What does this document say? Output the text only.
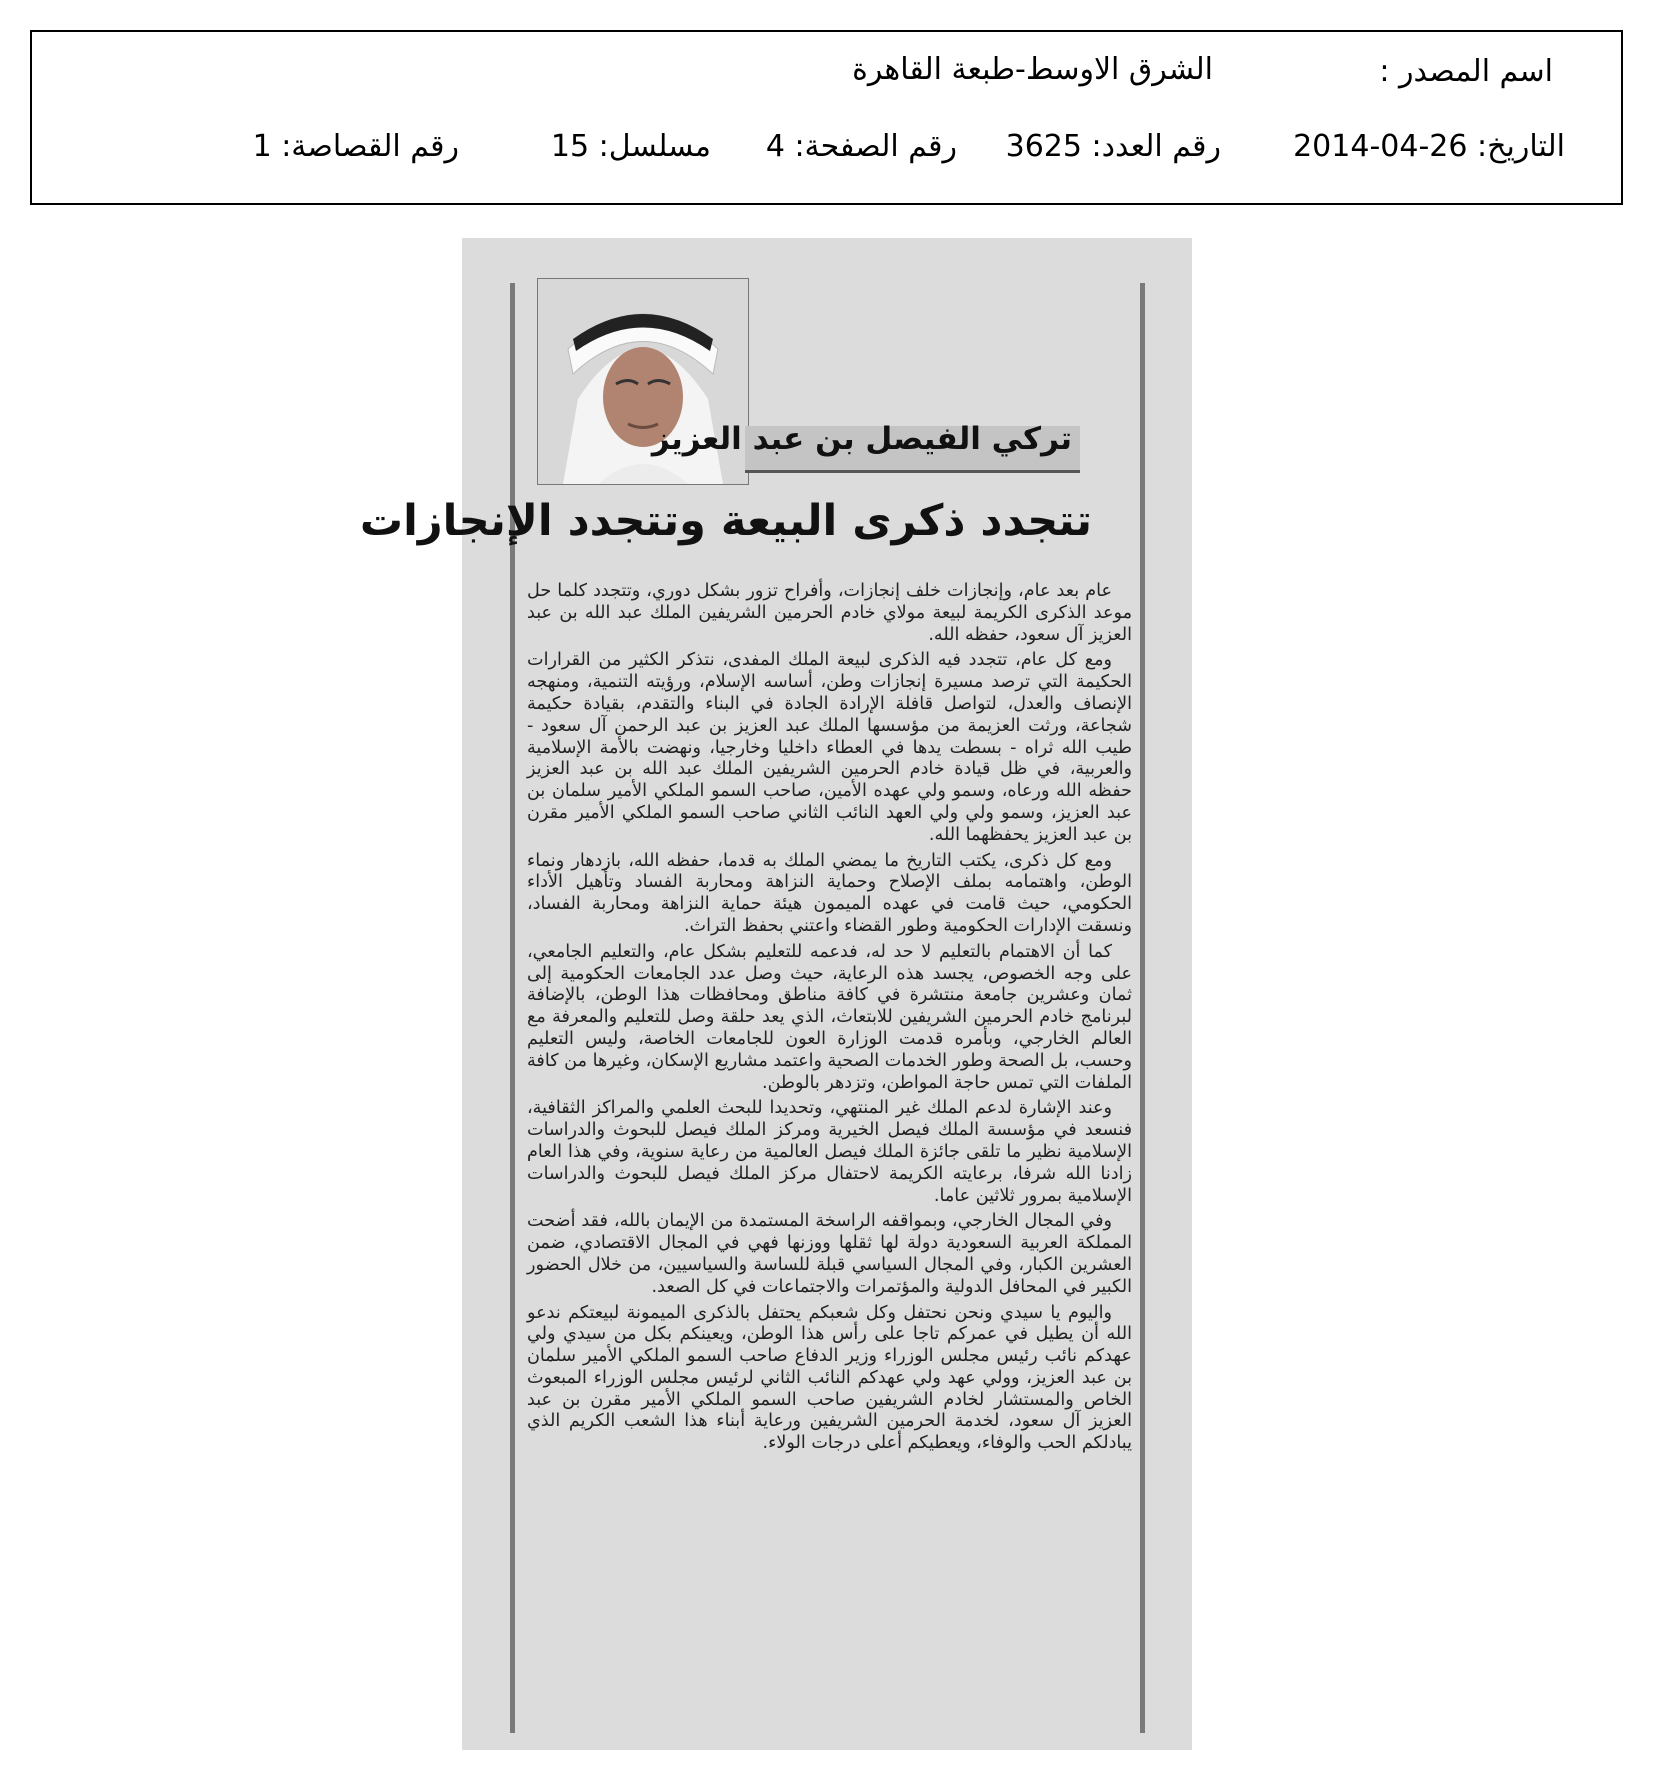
اسم المصدر :
الشرق الاوسط-طبعة القاهرة
التاريخ: 26-04-2014
رقم العدد: 3625
رقم الصفحة: 4
مسلسل: 15
رقم القصاصة: 1
تركي الفيصل بن عبد العزيز
تتجدد ذكرى البيعة وتتجدد الإنجازات

عام بعد عام، وإنجازات خلف إنجازات، وأفراح تزور بشكل دوري، وتتجدد كلما حل موعد الذكرى الكريمة لبيعة مولاي خادم الحرمين الشريفين الملك عبد الله بن عبد العزيز آل سعود، حفظه الله.

ومع كل عام، تتجدد فيه الذكرى لبيعة الملك المفدى، نتذكر الكثير من القرارات الحكيمة التي ترصد مسيرة إنجازات وطن، أساسه الإسلام، ورؤيته التنمية، ومنهجه الإنصاف والعدل، لتواصل قافلة الإرادة الجادة في البناء والتقدم، بقيادة حكيمة شجاعة، ورثت العزيمة من مؤسسها الملك عبد العزيز بن عبد الرحمن آل سعود - طيب الله ثراه - بسطت يدها في العطاء داخليا وخارجيا، ونهضت بالأمة الإسلامية والعربية، في ظل قيادة خادم الحرمين الشريفين الملك عبد الله بن عبد العزيز حفظه الله ورعاه، وسمو ولي عهده الأمين، صاحب السمو الملكي الأمير سلمان بن عبد العزيز، وسمو ولي ولي العهد النائب الثاني صاحب السمو الملكي الأمير مقرن بن عبد العزيز يحفظهما الله.

ومع كل ذكرى، يكتب التاريخ ما يمضي الملك به قدما، حفظه الله، بازدهار ونماء الوطن، واهتمامه بملف الإصلاح وحماية النزاهة ومحاربة الفساد وتأهيل الأداء الحكومي، حيث قامت في عهده الميمون هيئة حماية النزاهة ومحاربة الفساد، ونسقت الإدارات الحكومية وطور القضاء واعتني بحفظ التراث.

كما أن الاهتمام بالتعليم لا حد له، فدعمه للتعليم بشكل عام، والتعليم الجامعي، على وجه الخصوص، يجسد هذه الرعاية، حيث وصل عدد الجامعات الحكومية إلى ثمان وعشرين جامعة منتشرة في كافة مناطق ومحافظات هذا الوطن، بالإضافة لبرنامج خادم الحرمين الشريفين للابتعاث، الذي يعد حلقة وصل للتعليم والمعرفة مع العالم الخارجي، وبأمره قدمت الوزارة العون للجامعات الخاصة، وليس التعليم وحسب، بل الصحة وطور الخدمات الصحية واعتمد مشاريع الإسكان، وغيرها من كافة الملفات التي تمس حاجة المواطن، وتزدهر بالوطن.

وعند الإشارة لدعم الملك غير المنتهي، وتحديدا للبحث العلمي والمراكز الثقافية، فنسعد في مؤسسة الملك فيصل الخيرية ومركز الملك فيصل للبحوث والدراسات الإسلامية نظير ما تلقى جائزة الملك فيصل العالمية من رعاية سنوية، وفي هذا العام زادنا الله شرفا، برعايته الكريمة لاحتفال مركز الملك فيصل للبحوث والدراسات الإسلامية بمرور ثلاثين عاما.

وفي المجال الخارجي، وبمواقفه الراسخة المستمدة من الإيمان بالله، فقد أضحت المملكة العربية السعودية دولة لها ثقلها ووزنها فهي في المجال الاقتصادي، ضمن العشرين الكبار، وفي المجال السياسي قبلة للساسة والسياسيين، من خلال الحضور الكبير في المحافل الدولية والمؤتمرات والاجتماعات في كل الصعد.

واليوم يا سيدي ونحن نحتفل وكل شعبكم يحتفل بالذكرى الميمونة لبيعتكم ندعو الله أن يطيل في عمركم تاجا على رأس هذا الوطن، ويعينكم بكل من سيدي ولي عهدكم نائب رئيس مجلس الوزراء وزير الدفاع صاحب السمو الملكي الأمير سلمان بن عبد العزيز، وولي عهد ولي عهدكم النائب الثاني لرئيس مجلس الوزراء المبعوث الخاص والمستشار لخادم الشريفين صاحب السمو الملكي الأمير مقرن بن عبد العزيز آل سعود، لخدمة الحرمين الشريفين ورعاية أبناء هذا الشعب الكريم الذي يبادلكم الحب والوفاء، ويعطيكم أعلى درجات الولاء.
